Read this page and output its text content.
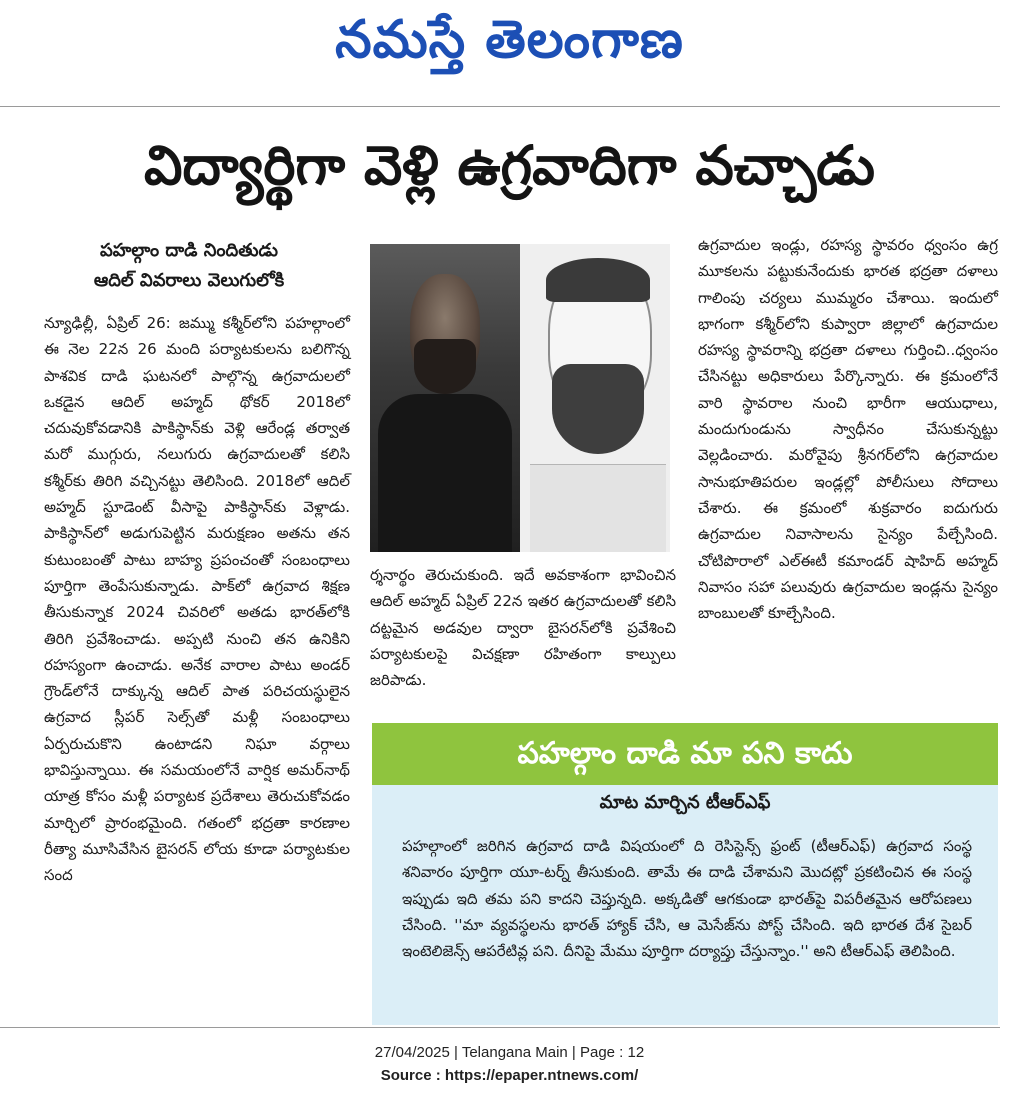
నమస్తే తెలంగాణ
విద్యార్థిగా వెళ్లి ఉగ్రవాదిగా వచ్చాడు
పహల్గాం దాడి నిందితుడు
ఆదిల్ వివరాలు వెలుగులోకి
న్యూఢిల్లీ, ఏప్రిల్ 26: జమ్ము కశ్మీర్‌లోని పహల్గాంలో ఈ నెల 22న 26 మంది పర్యాటకులను బలిగొన్న పాశవిక దాడి ఘటనలో పాల్గొన్న ఉగ్రవాదులలో ఒకడైన ఆదిల్ అహ్మద్ థోకర్ 2018లో చదువుకోవడానికి పాకిస్థాన్‌కు వెళ్లి ఆరేండ్ల తర్వాత మరో ముగ్గురు, నలుగురు ఉగ్రవాదులతో కలిసి కశ్మీర్‌కు తిరిగి వచ్చినట్టు తెలిసింది. 2018లో ఆదిల్ అహ్మద్ స్టూడెంట్ వీసాపై పాకిస్థాన్‌కు వెళ్లాడు. పాకిస్థాన్‌లో అడుగుపెట్టిన మరుక్షణం అతను తన కుటుంబంతో పాటు బాహ్య ప్రపంచంతో సంబంధాలు పూర్తిగా తెంపేసుకున్నాడు. పాక్‌లో ఉగ్రవాద శిక్షణ తీసుకున్నాక 2024 చివరిలో అతడు భారత్‌లోకి తిరిగి ప్రవేశించాడు. అప్పటి నుంచి తన ఉనికిని రహస్యంగా ఉంచాడు. అనేక వారాల పాటు అండర్ గ్రౌండ్‌లోనే దాక్కున్న ఆదిల్ పాత పరిచయస్థులైన ఉగ్రవాద స్లీపర్ సెల్స్‌తో మళ్లీ సంబంధాలు ఏర్పరుచుకొని ఉంటాడని నిఘా వర్గాలు భావిస్తున్నాయి. ఈ సమయంలోనే వార్షిక అమర్‌నాథ్ యాత్ర కోసం మళ్లీ పర్యాటక ప్రదేశాలు తెరుచుకోవడం మార్చిలో ప్రారంభమైంది. గతంలో భద్రతా కారణాల రీత్యా మూసివేసిన బైసరన్ లోయ కూడా పర్యాటకుల సంద
ర్శనార్థం తెరుచుకుంది. ఇదే అవకాశంగా భావించిన ఆదిల్ అహ్మద్ ఏప్రిల్ 22న ఇతర ఉగ్రవాదులతో కలిసి దట్టమైన అడవుల ద్వారా బైసరన్‌లోకి ప్రవేశించి పర్యాటకులపై విచక్షణా రహితంగా కాల్పులు జరిపాడు.
ఉగ్రవాదుల ఇండ్లు, రహస్య స్థావరం ధ్వంసం ఉగ్ర మూకలను పట్టుకునేందుకు భారత భద్రతా దళాలు గాలింపు చర్యలు ముమ్మరం చేశాయి. ఇందులో భాగంగా కశ్మీర్‌లోని కుప్వారా జిల్లాలో ఉగ్రవాదుల రహస్య స్థావరాన్ని భద్రతా దళాలు గుర్తించి..ధ్వంసం చేసినట్టు అధికారులు పేర్కొన్నారు. ఈ క్రమంలోనే వారి స్థావరాల నుంచి భారీగా ఆయుధాలు, మందుగుండును స్వాధీనం చేసుకున్నట్టు వెల్లడించారు. మరోవైపు శ్రీనగర్‌లోని ఉగ్రవాదుల సానుభూతిపరుల ఇండ్లల్లో పోలీసులు సోదాలు చేశారు. ఈ క్రమంలో శుక్రవారం ఐదుగురు ఉగ్రవాదుల నివాసాలను సైన్యం పేల్చేసింది. చోటిపొరాలో ఎల్‌ఈటీ కమాండర్ షాహిద్ అహ్మద్ నివాసం సహా పలువురు ఉగ్రవాదుల ఇండ్లను సైన్యం బాంబులతో కూల్చేసింది.
పహల్గాం దాడి మా పని కాదు
మాట మార్చిన టీఆర్‌ఎఫ్
పహల్గాంలో జరిగిన ఉగ్రవాద దాడి విషయంలో ది రెసిస్టెన్స్ ఫ్రంట్ (టీఆర్‌ఎఫ్) ఉగ్రవాద సంస్థ శనివారం పూర్తిగా యూ-టర్న్ తీసుకుంది. తామే ఈ దాడి చేశామని మొదట్లో ప్రకటించిన ఈ సంస్థ ఇప్పుడు ఇది తమ పని కాదని చెప్తున్నది. అక్కడితో ఆగకుండా భారత్‌పై విపరీతమైన ఆరోపణలు చేసింది. ''మా వ్యవస్థలను భారత్ హ్యాక్ చేసి, ఆ మెసేజ్‌ను పోస్ట్ చేసింది. ఇది భారత దేశ సైబర్ ఇంటెలిజెన్స్ ఆపరేటివ్ల పని. దీనిపై మేము పూర్తిగా దర్యాప్తు చేస్తున్నాం.'' అని టీఆర్‌ఎఫ్ తెలిపింది.
27/04/2025 | Telangana Main | Page : 12
Source : https://epaper.ntnews.com/
